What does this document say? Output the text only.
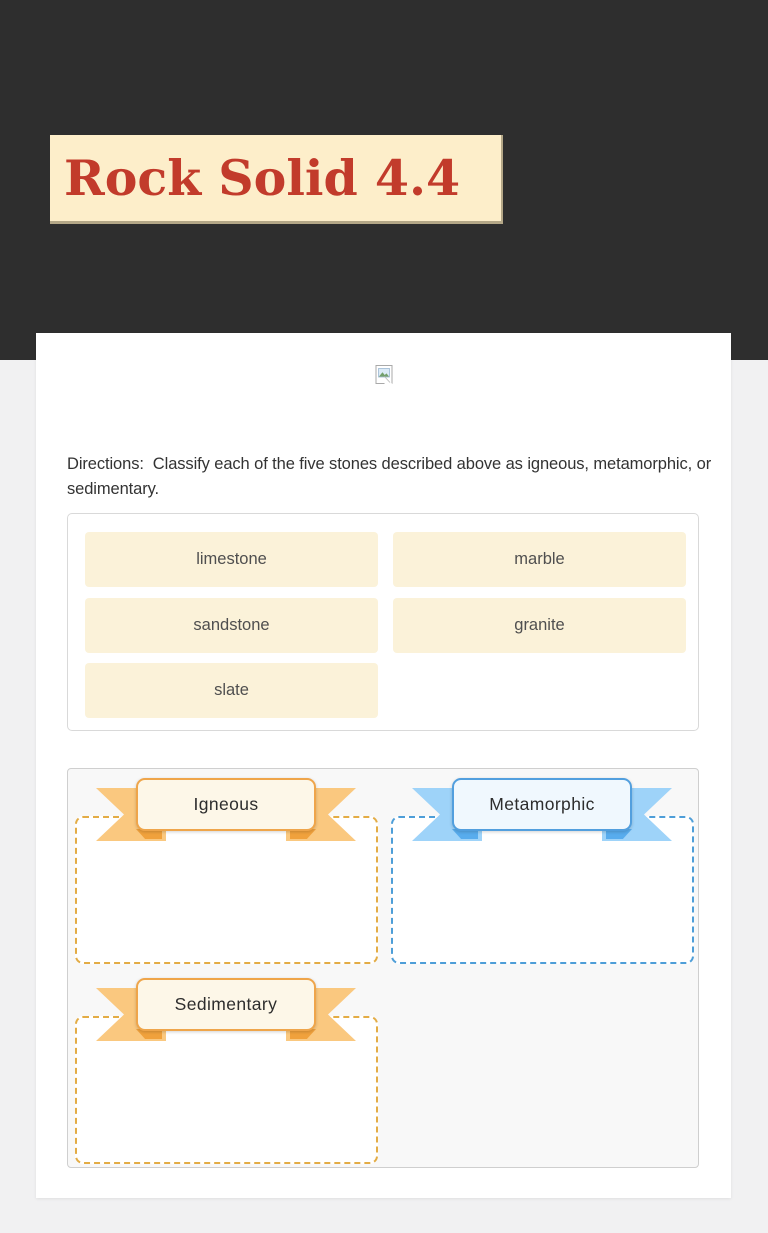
Rock Solid 4.4
Directions:  Classify each of the five stones described above as igneous, metamorphic, or sedimentary.
limestone	marble
sandstone	granite
slate
Igneous	Metamorphic
Sedimentary
